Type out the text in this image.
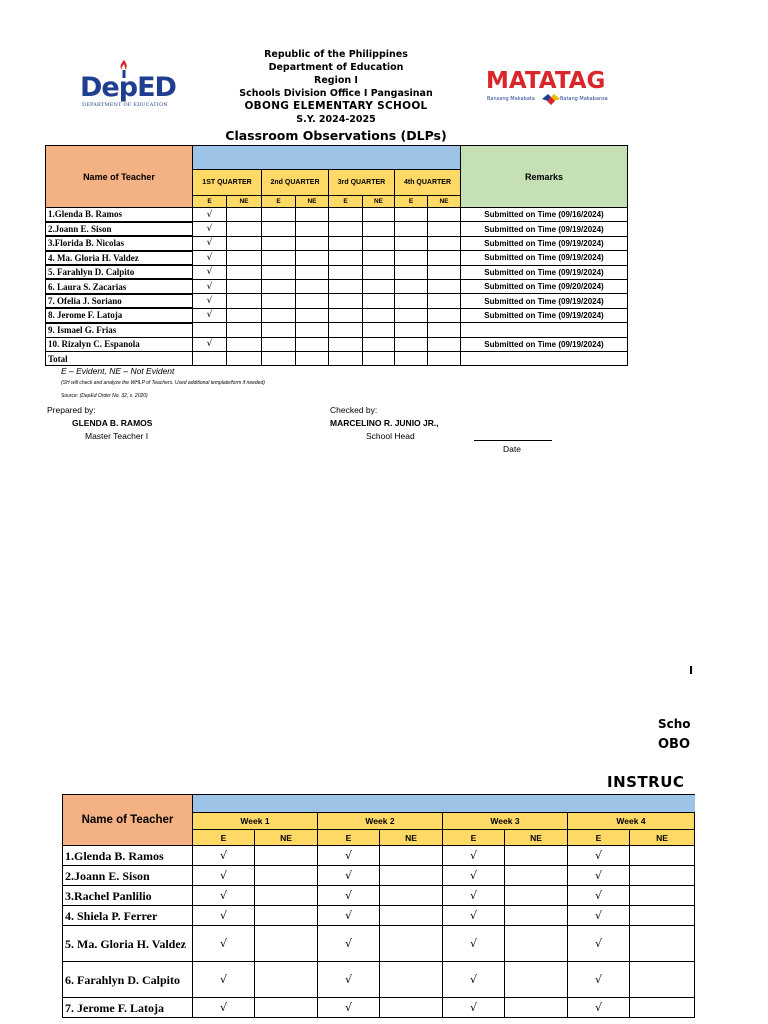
DepED
DEPARTMENT OF EDUCATION
MATATAG
Bansang Makabata	Batang Makabansa
Republic of the Philippines
Department of Education
Region I
Schools Division Office I Pangasinan
OBONG ELEMENTARY SCHOOL
S.Y. 2024-2025
Classroom Observations (DLPs)
Name of Teacher									Remarks
	1ST QUARTER		2nd QUARTER		3rd QUARTER		4th QUARTER		
	E	NE	E	NE	E	NE	E	NE	
1.Glenda B. Ramos	√								Submitted on Time (09/16/2024)
2.Joann E. Sison	√								Submitted on Time (09/19/2024)
3.Florida B. Nicolas	√								Submitted on Time (09/19/2024)
4. Ma. Gloria H. Valdez	√								Submitted on Time (09/19/2024)
5. Farahlyn D. Calpito	√								Submitted on Time (09/19/2024)
6. Laura S. Zacarias	√								Submitted on Time (09/20/2024)
7. Ofelia J. Soriano	√								Submitted on Time (09/19/2024)
8. Jerome F. Latoja	√								Submitted on Time (09/19/2024)
9. Ismael G. Frias									
10. Rizalyn C. Espanola	√								Submitted on Time (09/19/2024)
Total									
E – Evident, NE – Not Evident
(SH will check and analyze the WHLP of Teachers. Used additional template/form if needed)
Source: (DepEd Order No. 32, s. 2020)
Prepared by:
GLENDA B. RAMOS
Master Teacher I
Checked by:
MARCELINO R. JUNIO JR.,
School Head
Date
I
Scho
OBO
INSTRUC
Name of Teacher								
	Week 1		Week 2		Week 3		Week 4	
	E	NE	E	NE	E	NE	E	NE
1.Glenda B. Ramos	√		√		√		√	
2.Joann E. Sison	√		√		√		√	
3.Rachel Panlilio	√		√		√		√	
4. Shiela P. Ferrer	√		√		√		√	
5. Ma. Gloria H. Valdez	√		√		√		√	
6. Farahlyn D. Calpito	√		√		√		√	
7. Jerome F. Latoja	√		√		√		√	
